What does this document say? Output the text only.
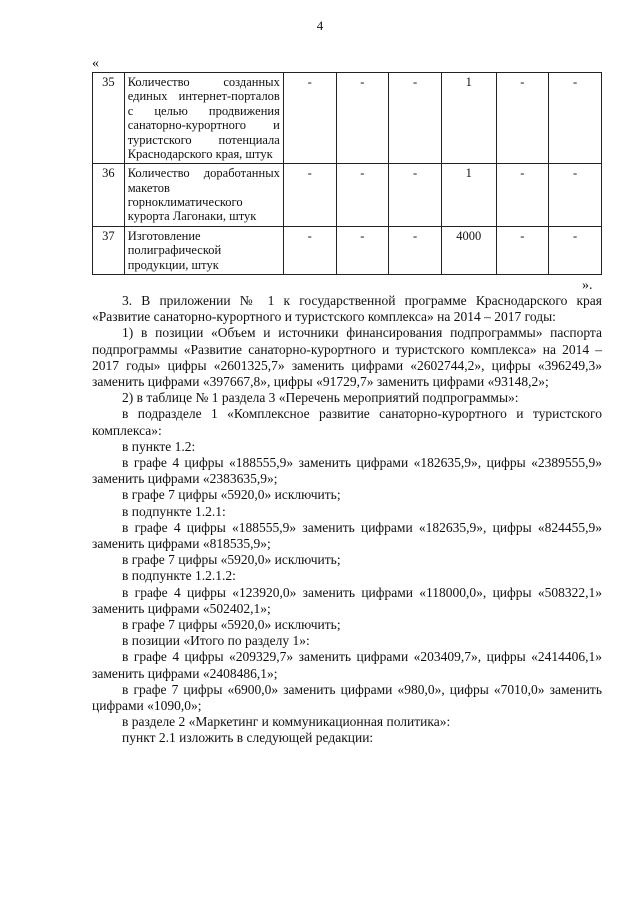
4
«
35	Количество созданных единых интернет-порталов с целью продвижения санаторно-курортного и туристского потенциала Краснодарского края, штук	-	-	-	1	-	-
36	Количество доработанных макетов горноклиматического курорта Лагонаки, штук	-	-	-	1	-	-
37	Изготовление полиграфической продукции, штук	-	-	-	4000	-	-
».

3. В приложении № 1 к государственной программе Краснодарского края «Развитие санаторно-курортного и туристского комплекса» на 2014 – 2017 годы:

1) в позиции «Объем и источники финансирования подпрограммы» паспорта подпрограммы «Развитие санаторно-курортного и туристского комплекса» на 2014 – 2017 годы» цифры «2601325,7» заменить цифрами «2602744,2», цифры «396249,3» заменить цифрами «397667,8», цифры «91729,7» заменить цифрами «93148,2»;

2) в таблице № 1 раздела 3 «Перечень мероприятий подпрограммы»:

в подразделе 1 «Комплексное развитие санаторно-курортного и туристского комплекса»:

в пункте 1.2:

в графе 4 цифры «188555,9» заменить цифрами «182635,9», цифры «2389555,9» заменить цифрами «2383635,9»;

в графе 7 цифры «5920,0» исключить;

в подпункте 1.2.1:

в графе 4 цифры «188555,9» заменить цифрами «182635,9», цифры «824455,9» заменить цифрами «818535,9»;

в графе 7 цифры «5920,0» исключить;

в подпункте 1.2.1.2:

в графе 4 цифры «123920,0» заменить цифрами «118000,0», цифры «508322,1» заменить цифрами «502402,1»;

в графе 7 цифры «5920,0» исключить;

в позиции «Итого по разделу 1»:

в графе 4 цифры «209329,7» заменить цифрами «203409,7», цифры «2414406,1» заменить цифрами «2408486,1»;

в графе 7 цифры «6900,0» заменить цифрами «980,0», цифры «7010,0» заменить цифрами «1090,0»;

в разделе 2 «Маркетинг и коммуникационная политика»:

пункт 2.1 изложить в следующей редакции:
